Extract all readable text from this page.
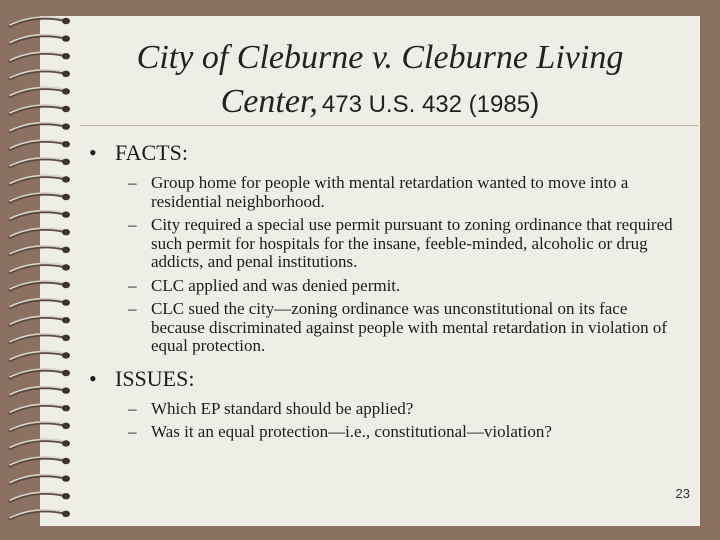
City of Cleburne v. Cleburne Living
Center, 473 U.S. 432 (1985)

• FACTS:

– Group home for people with mental retardation wanted to move into a residential neighborhood.
– City required a special use permit pursuant to zoning ordinance that required such permit for hospitals for the insane, feeble-minded, alcoholic or drug addicts, and penal institutions.
– CLC applied and was denied permit.
– CLC sued the city—zoning ordinance was unconstitutional on its face because discriminated against people with mental retardation in violation of equal protection.

• ISSUES:

– Which EP standard should be applied?
– Was it an equal protection—i.e., constitutional—violation?
23
